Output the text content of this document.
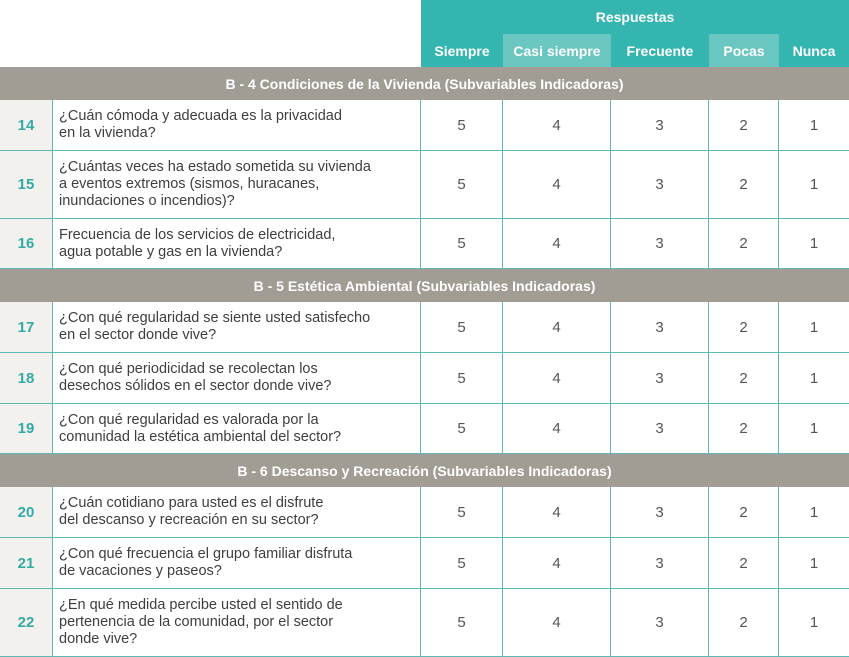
Respuestas
Siempre	Casi siempre	Frecuente	Pocas	Nunca
B - 4 Condiciones de la Vivienda (Subvariables Indicadoras)
14
¿Cuán cómoda y adecuada es la privacidad
en la vivienda?	5	4	3	2	1
15
¿Cuántas veces ha estado sometida su vivienda
a eventos extremos (sismos, huracanes,
inundaciones o incendios)?
5	4	3	2	1
16
Frecuencia de los servicios de electricidad,
agua potable y gas en la vivienda?	5	4	3	2	1
B - 5 Estética Ambiental (Subvariables Indicadoras)
17
¿Con qué regularidad se siente usted satisfecho
en el sector donde vive?	5	4	3	2	1
18
¿Con qué periodicidad se recolectan los
desechos sólidos en el sector donde vive?	5	4	3	2	1
19
¿Con qué regularidad es valorada por la
comunidad la estética ambiental del sector?	5	4	3	2	1
B - 6 Descanso y Recreación (Subvariables Indicadoras)
20
¿Cuán cotidiano para usted es el disfrute
del descanso y recreación en su sector?	5	4	3	2	1
21
¿Con qué frecuencia el grupo familiar disfruta
de vacaciones y paseos?	5	4	3	2	1
22
¿En qué medida percibe usted el sentido de
pertenencia de la comunidad, por el sector
donde vive?
5	4	3	2	1
